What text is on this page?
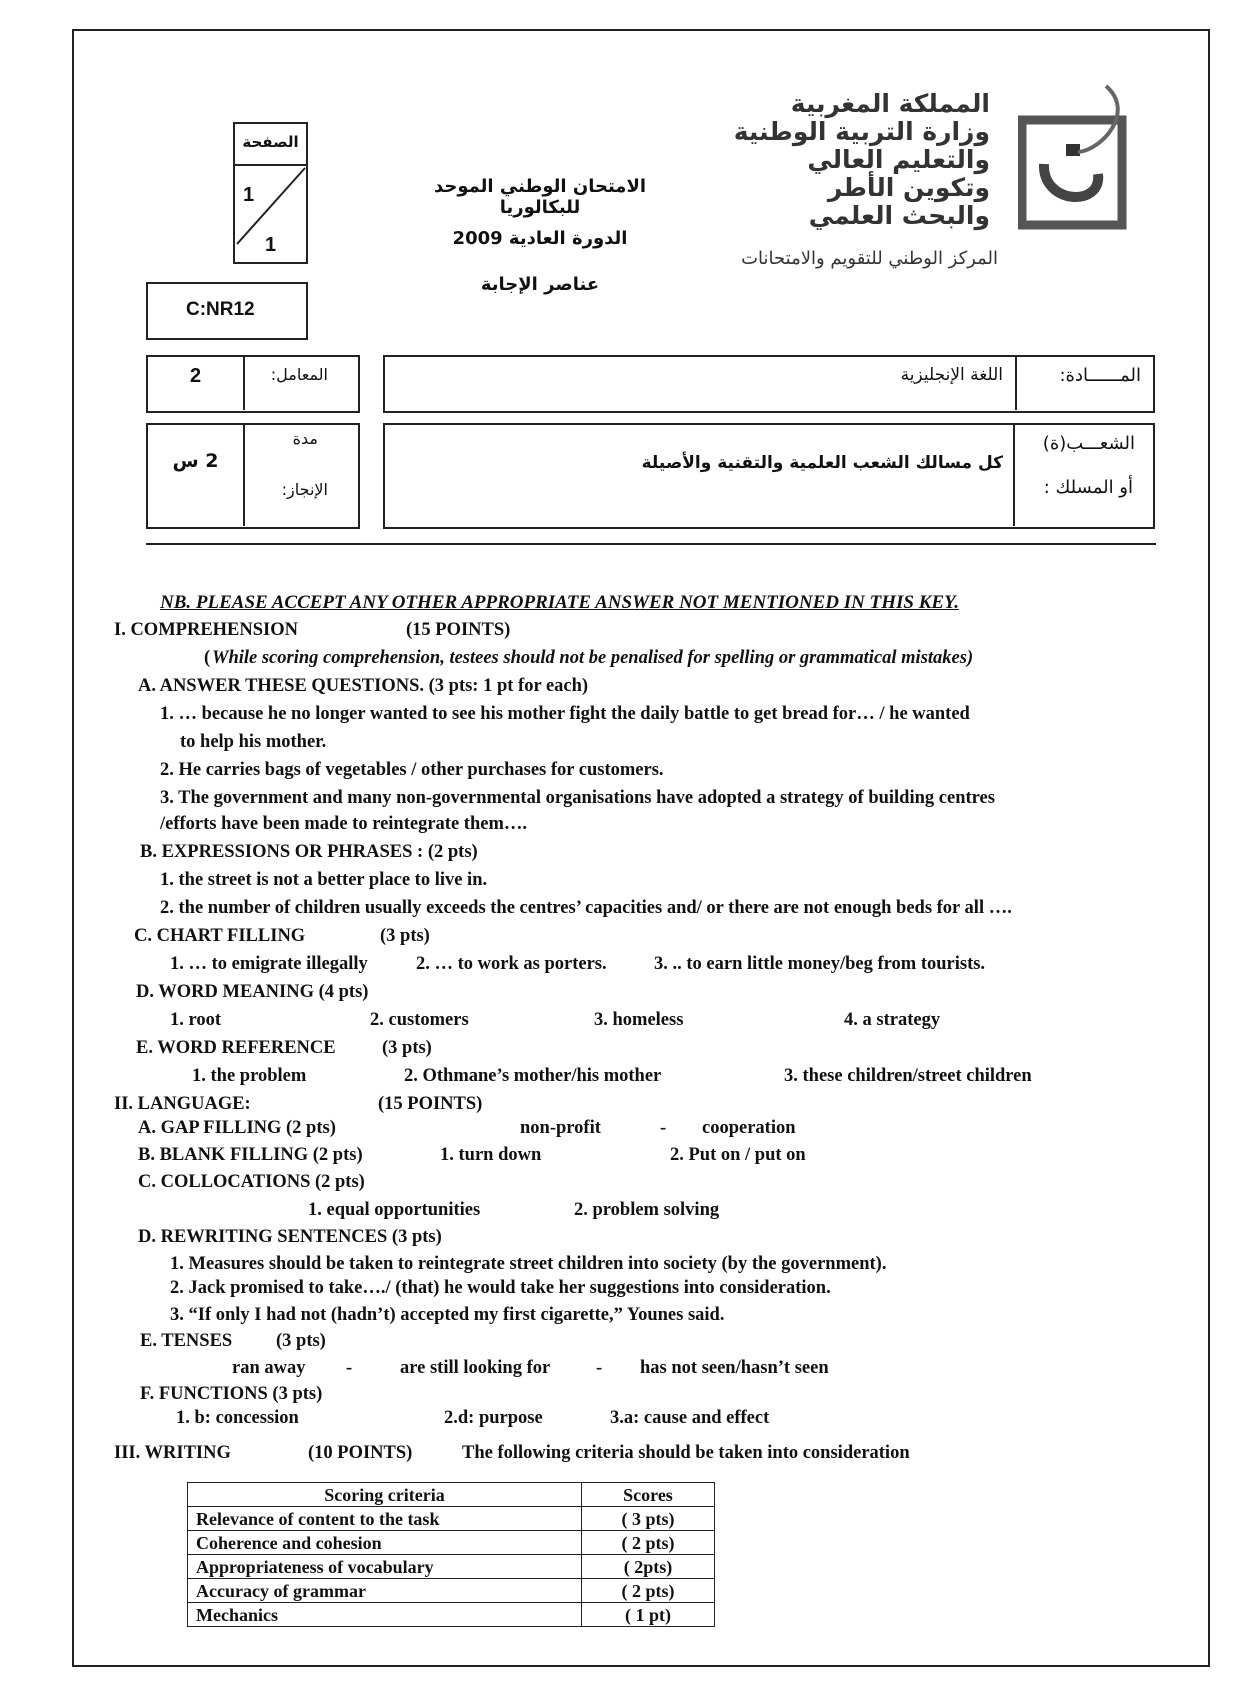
المملكة المغربية
وزارة التربية الوطنية
والتعليم العالي
وتكوين الأطر
والبحث العلمي
المركز الوطني للتقويم والامتحانات
الامتحان الوطني الموحد للبكالوريا
الدورة العادية 2009
عناصر الإجابة
الصفحة
1
1
C:NR12
2	المعامل:	المــــــادة:
اللغة الإنجليزية
2 س
مدة
الإنجاز:
الشعـــب(ة)
أو المسلك :
كل مسالك الشعب العلمية والتقنية والأصيلة
NB. PLEASE ACCEPT ANY OTHER APPROPRIATE ANSWER NOT MENTIONED IN THIS KEY.
I. COMPREHENSION	(15 POINTS)
( While scoring comprehension, testees should not be penalised for spelling or grammatical mistakes)
A. ANSWER THESE QUESTIONS. (3 pts: 1 pt for each)
1. … because he no longer wanted to see his mother fight the daily battle to get bread for… / he wanted
to help his mother.
2. He carries bags of vegetables / other purchases for customers.
3. The government and many non-governmental organisations have adopted a strategy of building centres
/efforts have been made to reintegrate them….
B. EXPRESSIONS OR PHRASES : (2 pts)
1. the street is not a better place to live in.
2. the number of children usually exceeds the centres’ capacities and/ or there are not enough beds for all ….
C. CHART FILLING	(3 pts)
1. … to emigrate illegally	2. … to work as porters.	3. .. to earn little money/beg from tourists.
D. WORD MEANING (4 pts)
1. root	2. customers	3. homeless	4. a strategy
E. WORD REFERENCE	(3 pts)
1. the problem	2. Othmane’s mother/his mother	3. these children/street children
II. LANGUAGE:	(15 POINTS)
A. GAP FILLING (2 pts)	non-profit	- cooperation
B. BLANK FILLING (2 pts)	1. turn down	2. Put on / put on
C. COLLOCATIONS (2 pts)
1. equal opportunities	2. problem solving
D. REWRITING SENTENCES (3 pts)
1. Measures should be taken to reintegrate street children into society (by the government).
2. Jack promised to take…./ (that) he would take her suggestions into consideration.
3. “If only I had not (hadn’t) accepted my first cigarette,” Younes said.
E. TENSES (3 pts)
ran away -	are still looking for - has not seen/hasn’t seen
F. FUNCTIONS (3 pts)
1. b: concession	2.d: purpose	3.a: cause and effect
III. WRITING	(10 POINTS)	The following criteria should be taken into consideration
Scoring criteria	Scores
Relevance of content to the task	( 3 pts)
Coherence and cohesion	( 2 pts)
Appropriateness of vocabulary	( 2pts)
Accuracy of grammar	( 2 pts)
Mechanics	( 1 pt)
